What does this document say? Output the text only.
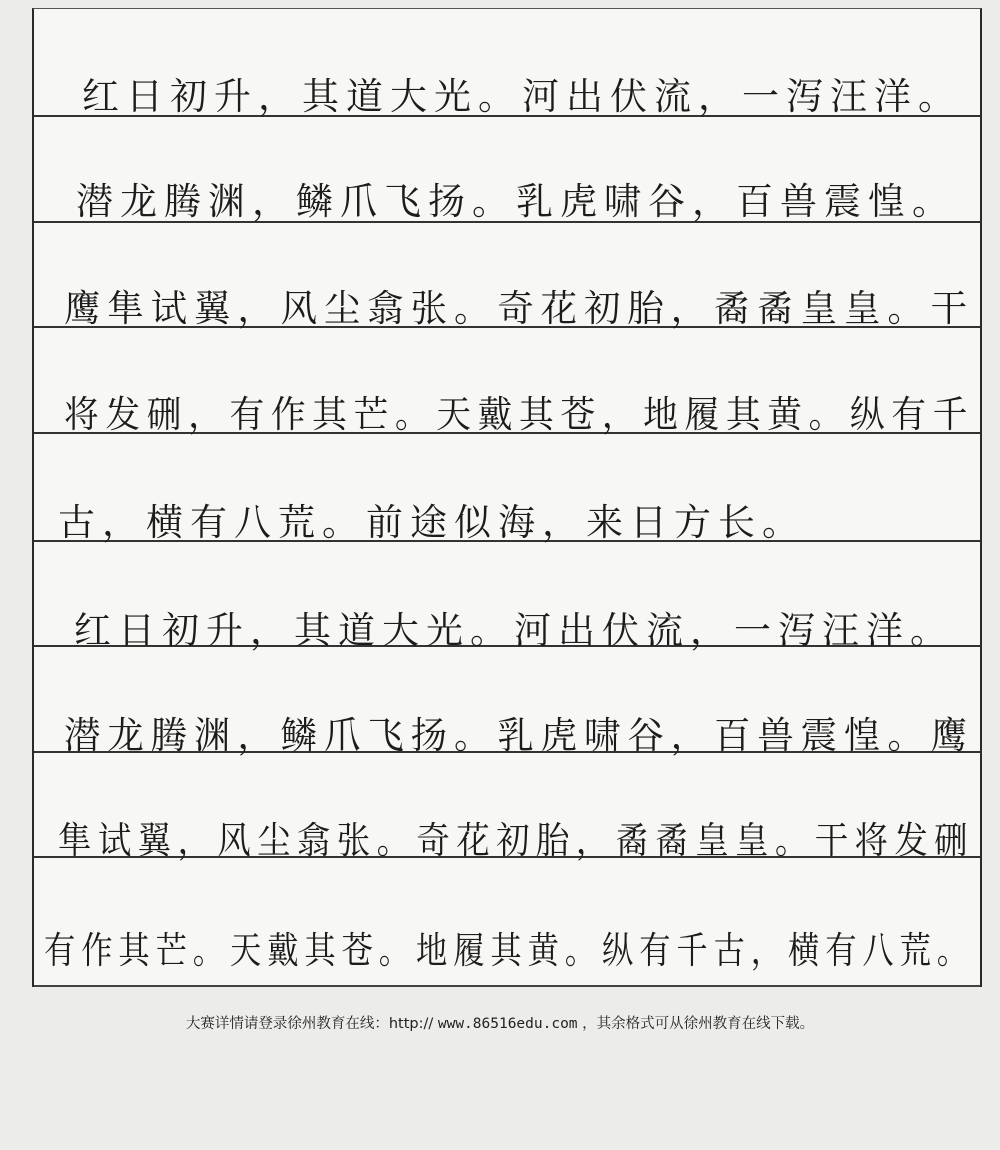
红日初升，其道大光。河出伏流，一泻汪洋。
潜龙腾渊，鳞爪飞扬。乳虎啸谷，百兽震惶。
鹰隼试翼，风尘翕张。奇花初胎，矞矞皇皇。干
将发硎，有作其芒。天戴其苍，地履其黄。纵有千
古，横有八荒。前途似海，来日方长。
红日初升，其道大光。河出伏流，一泻汪洋。
潜龙腾渊，鳞爪飞扬。乳虎啸谷，百兽震惶。鹰
隼试翼，风尘翕张。奇花初胎，矞矞皇皇。干将发硎
有作其芒。天戴其苍。地履其黄。纵有千古，横有八荒。
大赛详情请登录徐州教育在线：http:// www.86516edu.com ，其余格式可从徐州教育在线下载。
